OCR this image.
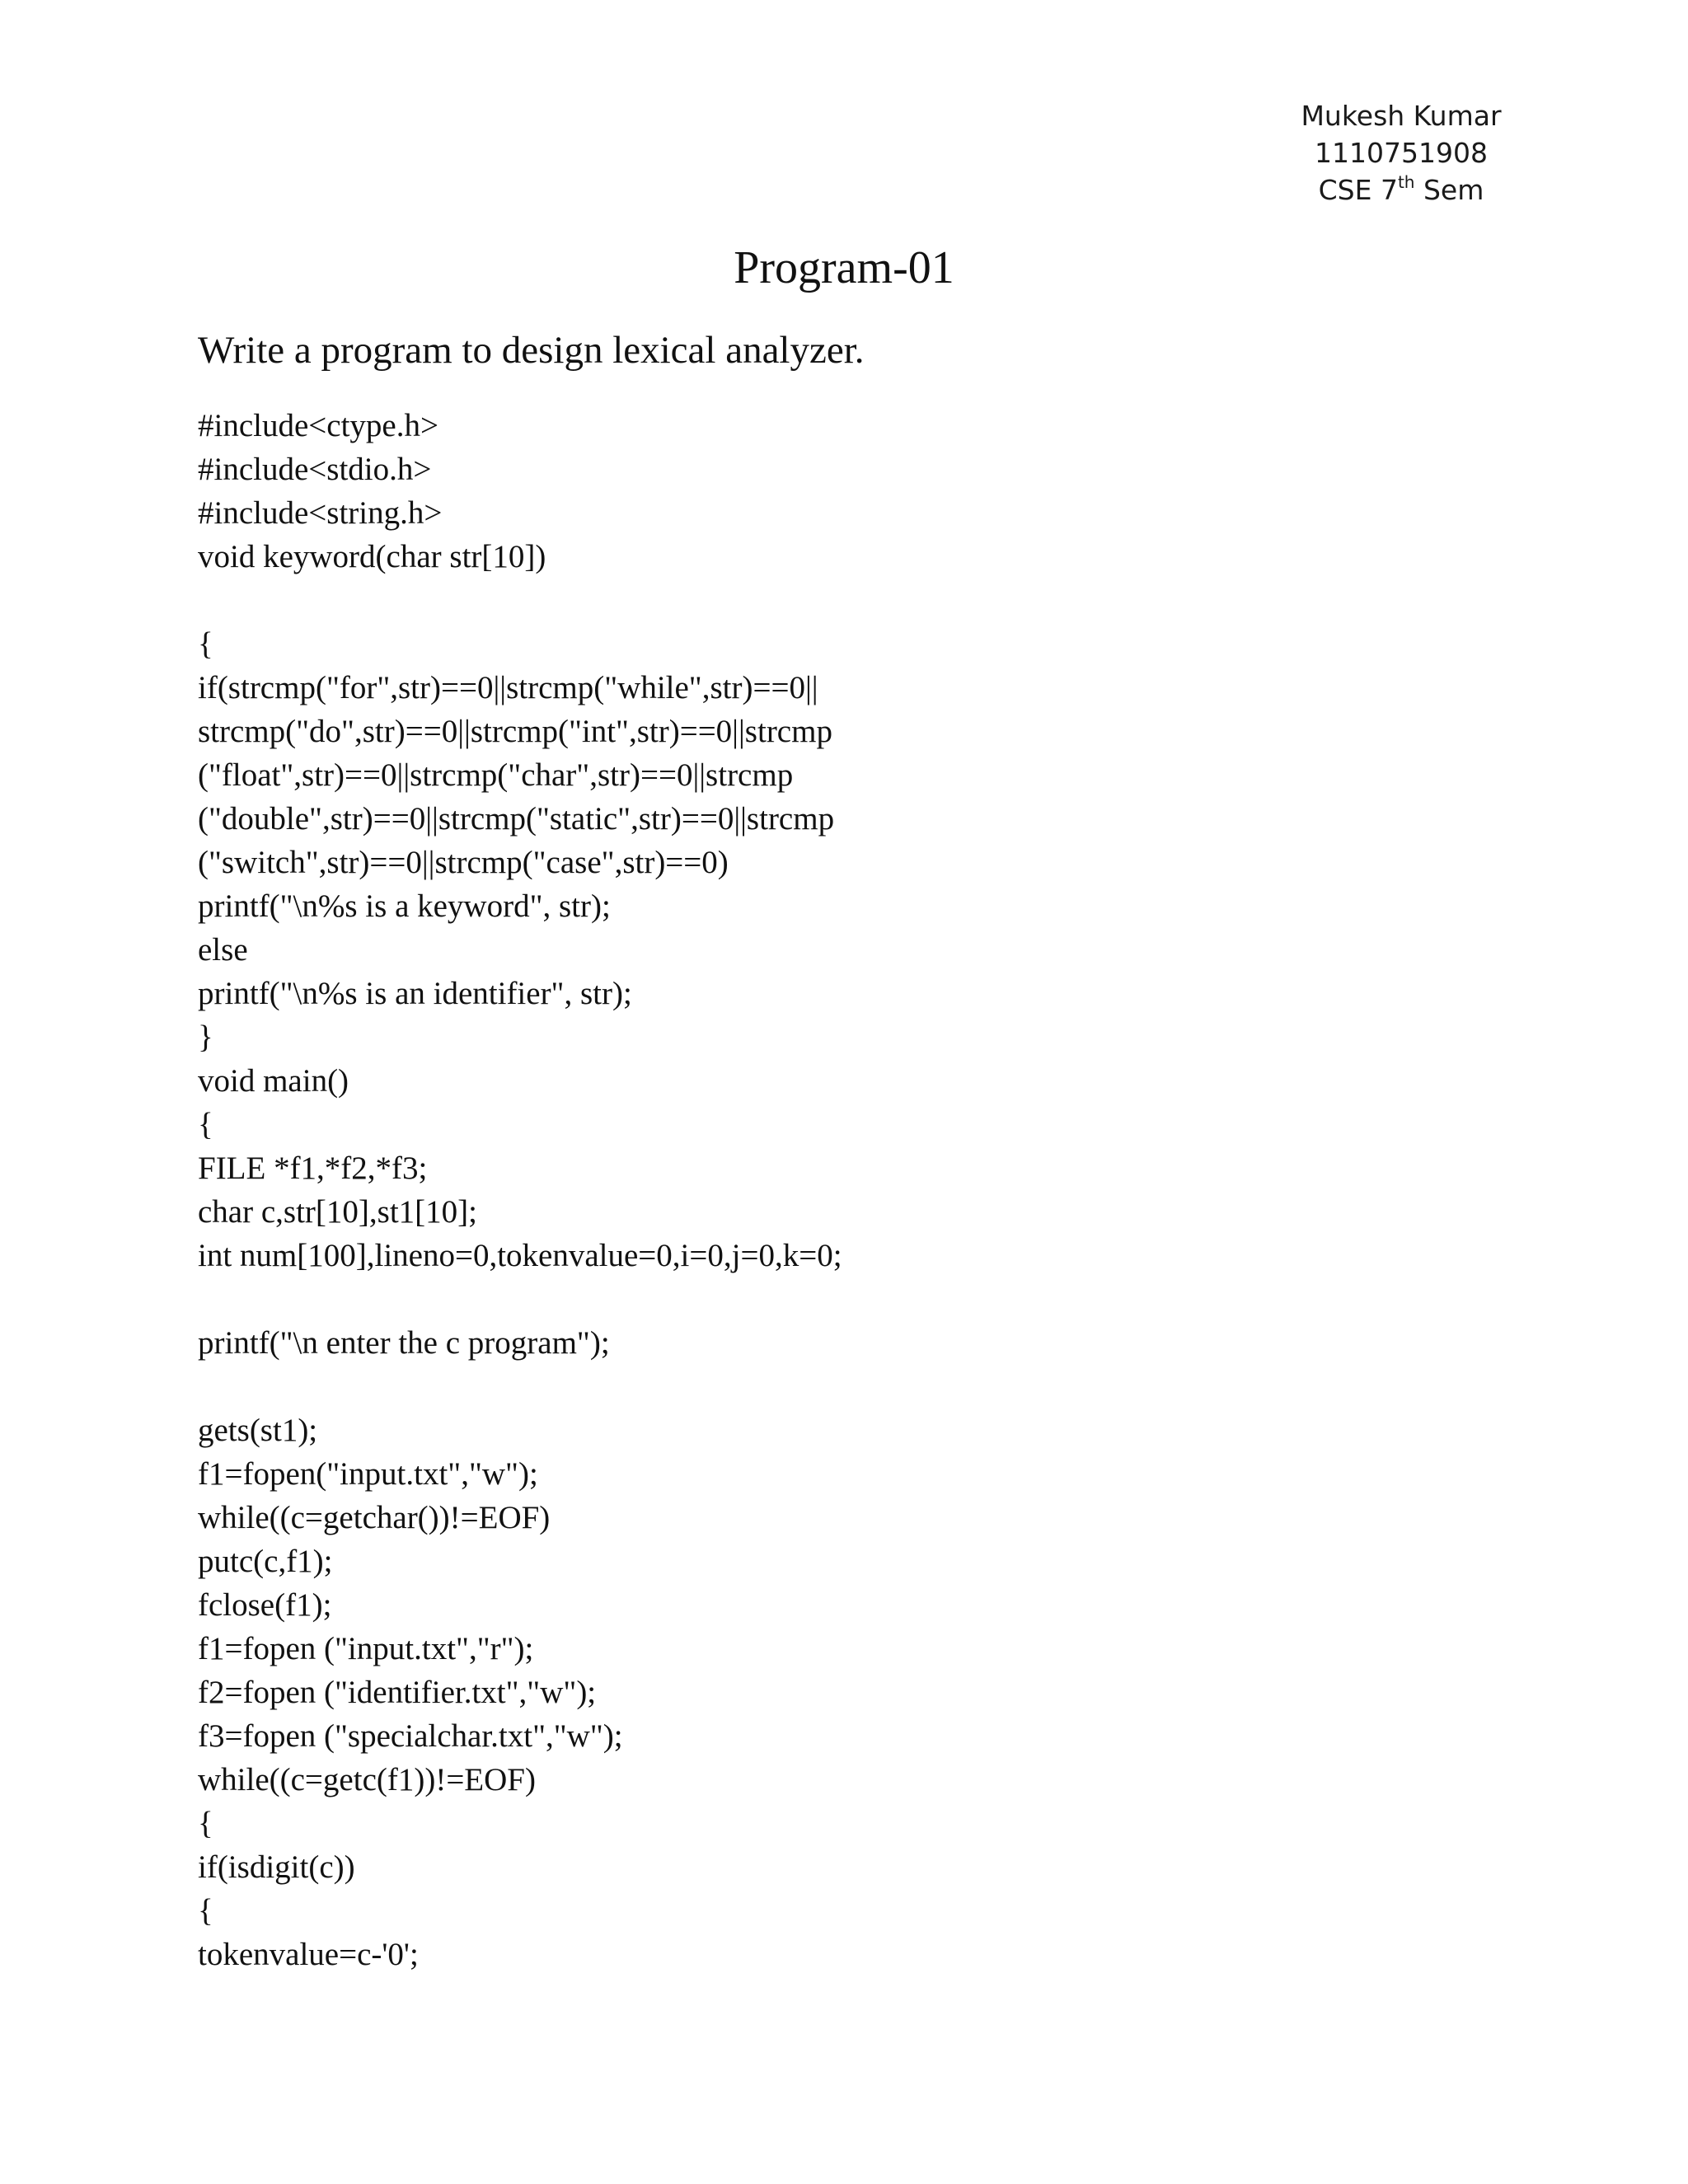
Mukesh Kumar
1110751908
CSE 7th Sem
Program-01

Write a program to design lexical analyzer.

#include<ctype.h>
#include<stdio.h>
#include<string.h>
void keyword(char str[10])
{
if(strcmp("for",str)==0||strcmp("while",str)==0||
strcmp("do",str)==0||strcmp("int",str)==0||strcmp
("float",str)==0||strcmp("char",str)==0||strcmp
("double",str)==0||strcmp("static",str)==0||strcmp
("switch",str)==0||strcmp("case",str)==0)
printf("\n%s is a keyword", str);
else
printf("\n%s is an identifier", str);
}
void main()
{
FILE *f1,*f2,*f3;
char c,str[10],st1[10];
int num[100],lineno=0,tokenvalue=0,i=0,j=0,k=0;
printf("\n enter the c program");
gets(st1);
f1=fopen("input.txt","w");
while((c=getchar())!=EOF)
putc(c,f1);
fclose(f1);
f1=fopen ("input.txt","r");
f2=fopen ("identifier.txt","w");
f3=fopen ("specialchar.txt","w");
while((c=getc(f1))!=EOF)
{
if(isdigit(c))
{
tokenvalue=c-'0';
